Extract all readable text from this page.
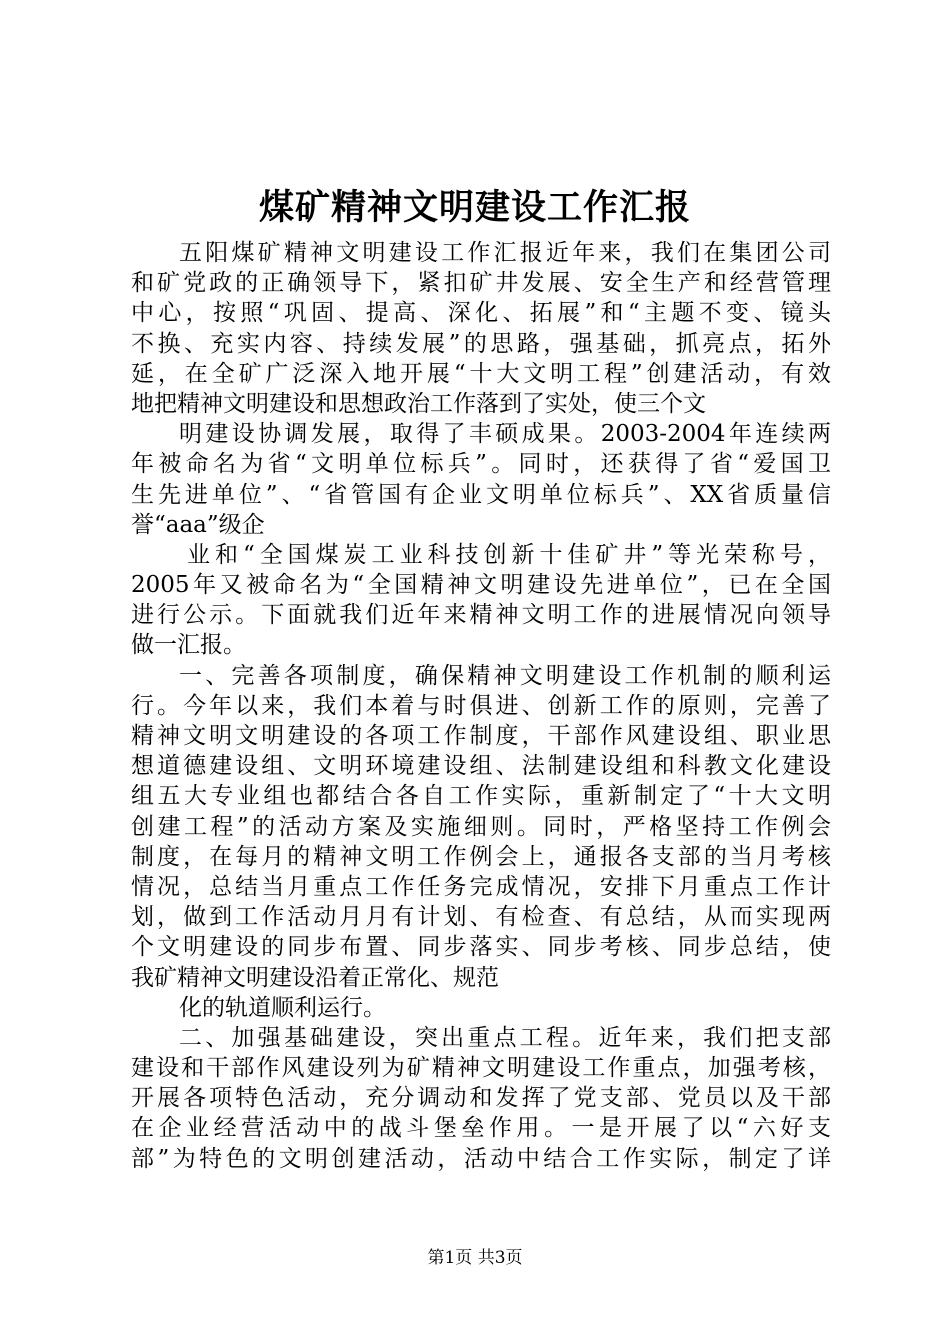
煤矿精神文明建设工作汇报
五阳煤矿精神文明建设工作汇报近年来，我们在集团公司
和矿党政的正确领导下，紧扣矿井发展、安全生产和经营管理
中心，按照“巩固、提高、深化、拓展”和“主题不变、镜头
不换、充实内容、持续发展”的思路，强基础，抓亮点，拓外
延，在全矿广泛深入地开展“十大文明工程”创建活动，有效
地把精神文明建设和思想政治工作落到了实处，使三个文
明建设协调发展，取得了丰硕成果。2003-2004年连续两
年被命名为省“文明单位标兵”。同时，还获得了省“爱国卫
生先进单位”、“省管国有企业文明单位标兵”、XX省质量信
誉“aaa”级企
业和“全国煤炭工业科技创新十佳矿井”等光荣称号，
2005年又被命名为“全国精神文明建设先进单位”，已在全国
进行公示。下面就我们近年来精神文明工作的进展情况向领导
做一汇报。
一、完善各项制度，确保精神文明建设工作机制的顺利运
行。今年以来，我们本着与时俱进、创新工作的原则，完善了
精神文明文明建设的各项工作制度，干部作风建设组、职业思
想道德建设组、文明环境建设组、法制建设组和科教文化建设
组五大专业组也都结合各自工作实际，重新制定了“十大文明
创建工程”的活动方案及实施细则。同时，严格坚持工作例会
制度，在每月的精神文明工作例会上，通报各支部的当月考核
情况，总结当月重点工作任务完成情况，安排下月重点工作计
划，做到工作活动月月有计划、有检查、有总结，从而实现两
个文明建设的同步布置、同步落实、同步考核、同步总结，使
我矿精神文明建设沿着正常化、规范
化的轨道顺利运行。
二、加强基础建设，突出重点工程。近年来，我们把支部
建设和干部作风建设列为矿精神文明建设工作重点，加强考核，
开展各项特色活动，充分调动和发挥了党支部、党员以及干部
在企业经营活动中的战斗堡垒作用。一是开展了以“六好支
部”为特色的文明创建活动，活动中结合工作实际，制定了详
第1页 共3页
